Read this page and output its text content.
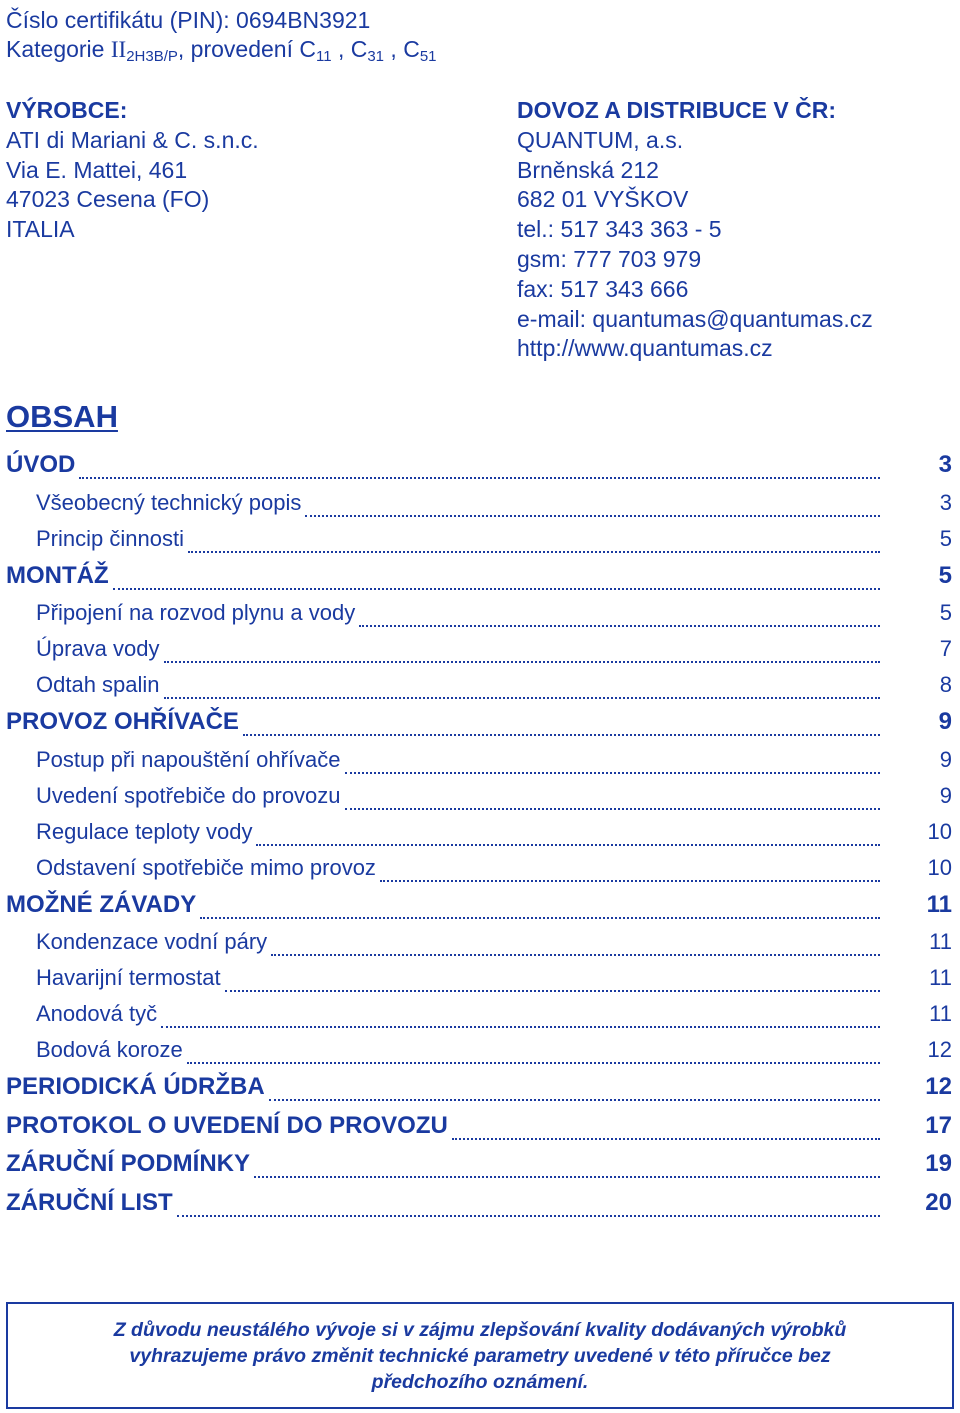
Číslo certifikátu (PIN): 0694BN3921
Kategorie $II_{2H3B/P}$, provedení $C_{11}$ , $C_{31}$ , $C_{51}$
VÝROBCE:
ATI di Mariani & C. s.n.c.
Via E. Mattei, 461
47023 Cesena (FO)
ITALIA
DOVOZ A DISTRIBUCE V ČR:
QUANTUM, a.s.
Brněnská 212
682 01 VYŠKOV
tel.: 517 343 363 - 5
gsm: 777 703 979
fax: 517 343 666
e-mail: quantumas@quantumas.cz
http://www.quantumas.cz
OBSAH
ÚVOD	3
Všeobecný technický popis	3
Princip činnosti	5
MONTÁŽ	5
Připojení na rozvod plynu a vody	5
Úprava vody	7
Odtah spalin	8
PROVOZ OHŘÍVAČE	9
Postup při napouštění ohřívače	9
Uvedení spotřebiče do provozu	9
Regulace teploty vody	10
Odstavení spotřebiče mimo provoz	10
MOŽNÉ ZÁVADY	11
Kondenzace vodní páry	11
Havarijní termostat	11
Anodová tyč	11
Bodová koroze	12
PERIODICKÁ ÚDRŽBA	12
PROTOKOL O UVEDENÍ DO PROVOZU	17
ZÁRUČNÍ PODMÍNKY	19
ZÁRUČNÍ LIST	20

Z důvodu neustálého vývoje si v zájmu zlepšování kvality dodávaných výrobků vyhrazujeme právo změnit technické parametry uvedené v této příručce bez předchozího oznámení.
